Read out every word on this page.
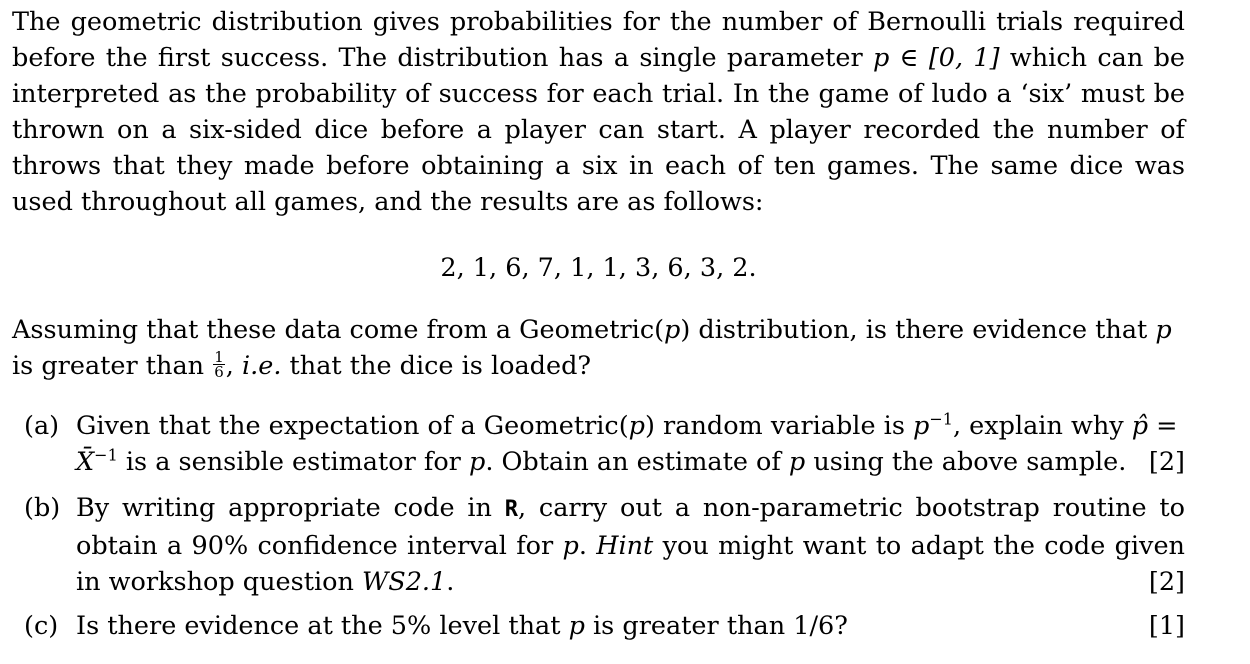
The geometric distribution gives probabilities for the number of Bernoulli trials required before the first success. The distribution has a single parameter p ∈ [0, 1] which can be interpreted as the probability of success for each trial. In the game of ludo a ‘six’ must be thrown on a six-sided dice before a player can start. A player recorded the number of throws that they made before obtaining a six in each of ten games. The same dice was used throughout all games, and the results are as follows:
2, 1, 6, 7, 1, 1, 3, 6, 3, 2.
Assuming that these data come from a Geometric(p) distribution, is there evidence that p
is greater than $\frac{1}{6}$ , i.e. that the dice is loaded?
(a) Given that the expectation of a Geometric(p) random variable is $p^{-1}$, explain why p̂ =
X̄$^{-1}$ is a sensible estimator for p. Obtain an estimate of p using the above sample. [2]
(b) By writing appropriate code in R, carry out a non-parametric bootstrap routine to obtain a 90% confidence interval for p. Hint you might want to adapt the code given in workshop question WS2.1.	[2]
(c) Is there evidence at the 5% level that p is greater than 1/6?	[1]
